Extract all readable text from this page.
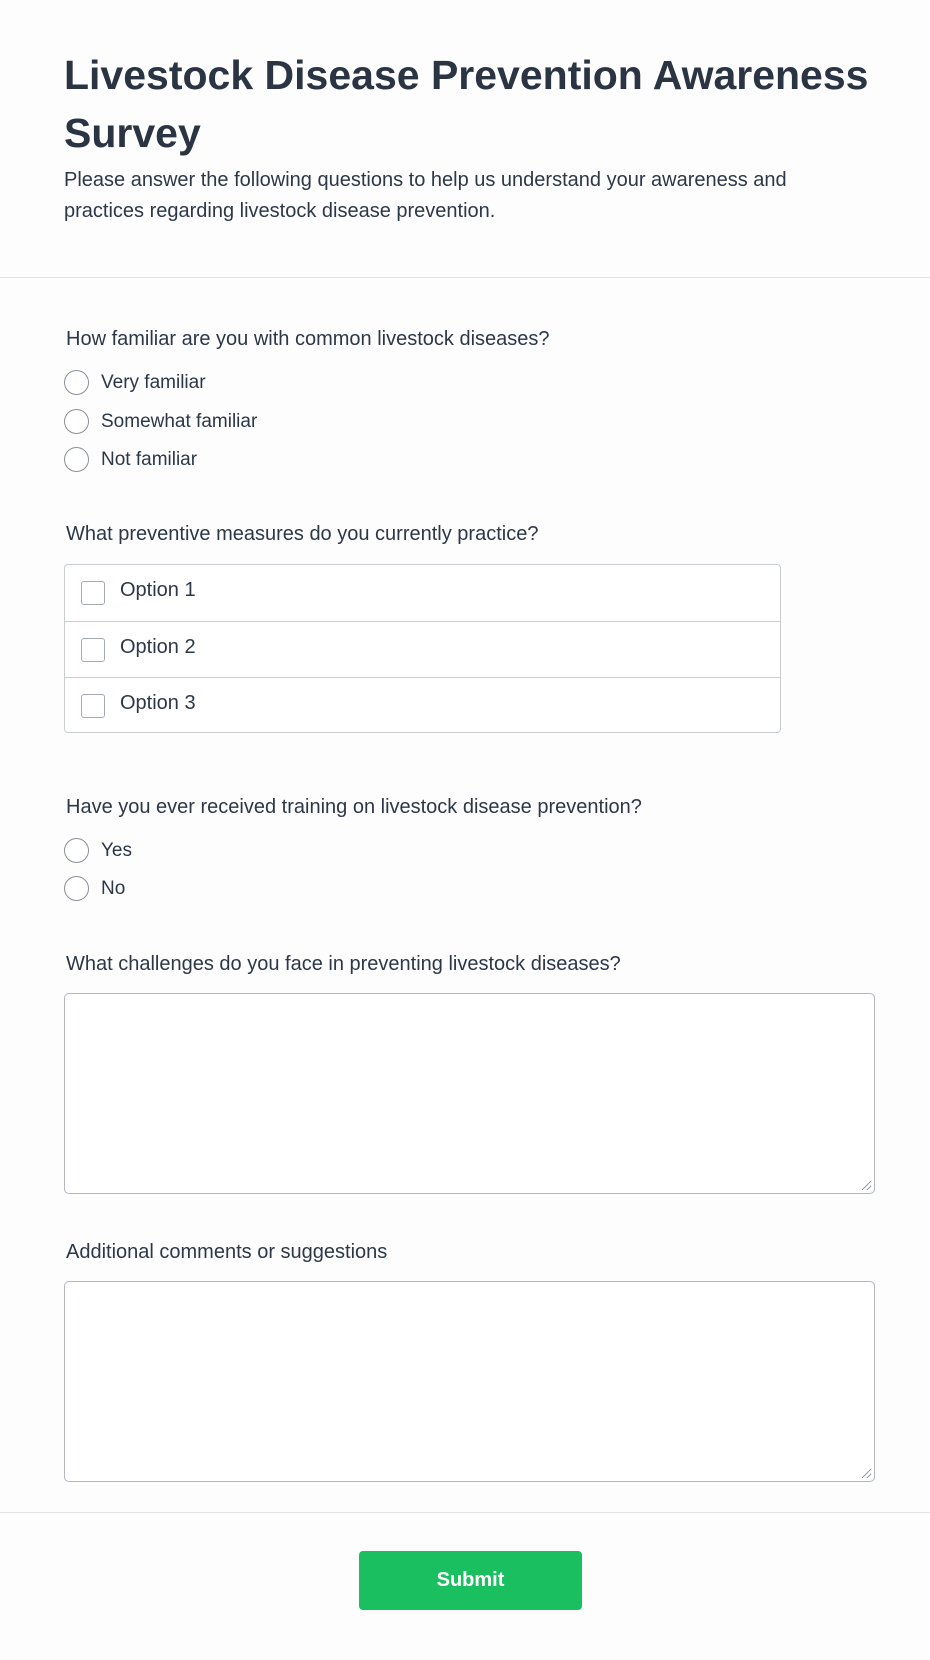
Livestock Disease Prevention Awareness Survey

Please answer the following questions to help us understand your awareness and practices regarding livestock disease prevention.

How familiar are you with common livestock diseases?
Very familiar
Somewhat familiar
Not familiar
What preventive measures do you currently practice?
Option 1
Option 2
Option 3
Have you ever received training on livestock disease prevention?
Yes
No
What challenges do you face in preventing livestock diseases?
Additional comments or suggestions
Submit
